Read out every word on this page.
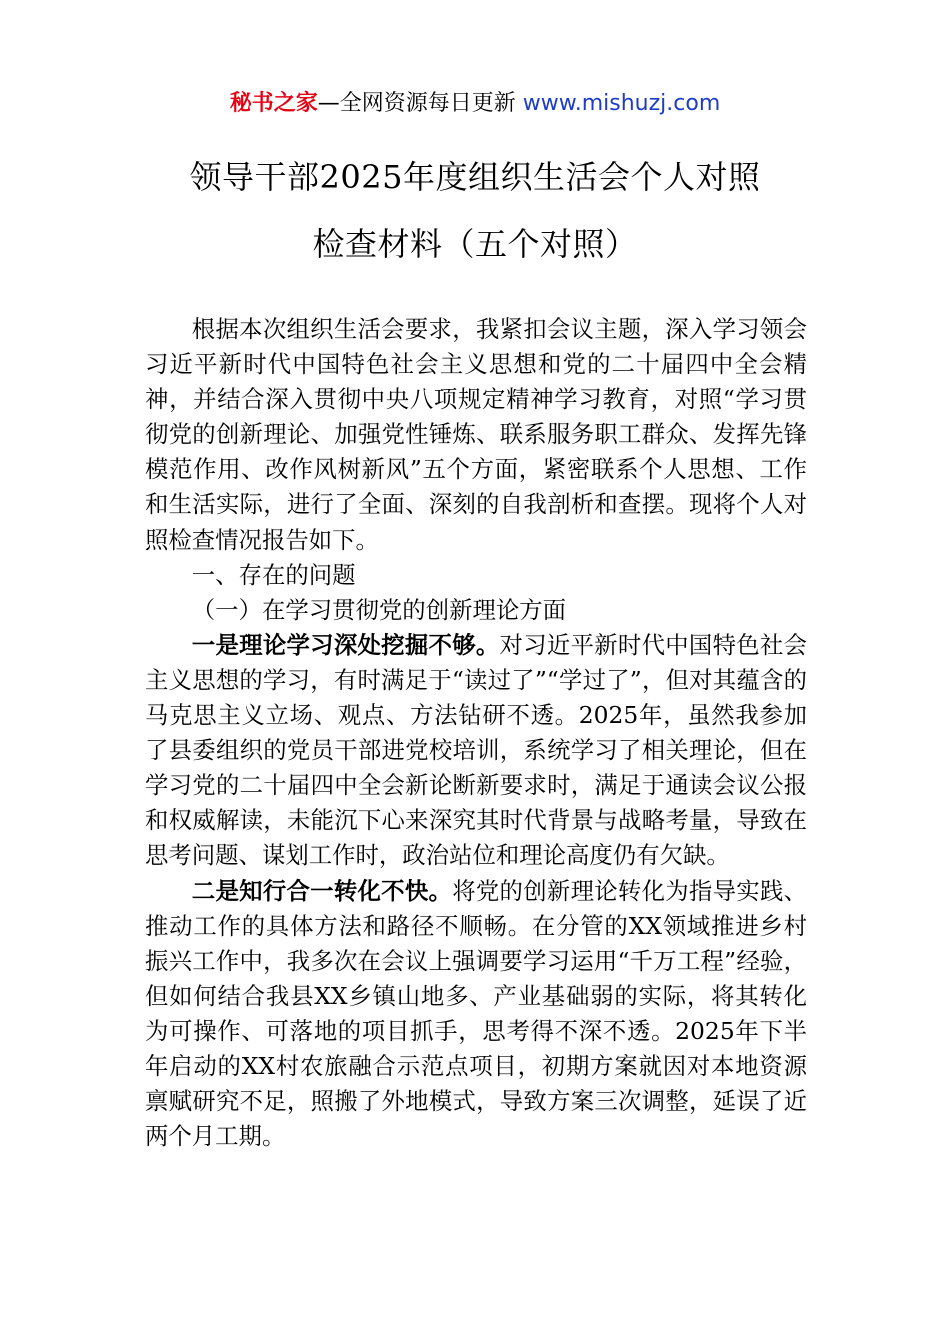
秘书之家—全网资源每日更新 www.mishuzj.com
领导干部2025年度组织生活会个人对照
检查材料（五个对照）

根据本次组织生活会要求，我紧扣会议主题，深入学习领会习近平新时代中国特色社会主义思想和党的二十届四中全会精神，并结合深入贯彻中央八项规定精神学习教育，对照“学习贯彻党的创新理论、加强党性锤炼、联系服务职工群众、发挥先锋模范作用、改作风树新风”五个方面，紧密联系个人思想、工作和生活实际，进行了全面、深刻的自我剖析和查摆。现将个人对照检查情况报告如下。

一、存在的问题

（一）在学习贯彻党的创新理论方面

一是理论学习深处挖掘不够。对习近平新时代中国特色社会主义思想的学习，有时满足于“读过了”“学过了”，但对其蕴含的马克思主义立场、观点、方法钻研不透。2025年，虽然我参加了县委组织的党员干部进党校培训，系统学习了相关理论，但在学习党的二十届四中全会新论断新要求时，满足于通读会议公报和权威解读，未能沉下心来深究其时代背景与战略考量，导致在思考问题、谋划工作时，政治站位和理论高度仍有欠缺。

二是知行合一转化不快。将党的创新理论转化为指导实践、推动工作的具体方法和路径不顺畅。在分管的XX领域推进乡村振兴工作中，我多次在会议上强调要学习运用“千万工程”经验，但如何结合我县XX乡镇山地多、产业基础弱的实际，将其转化为可操作、可落地的项目抓手，思考得不深不透。2025年下半年启动的XX村农旅融合示范点项目，初期方案就因对本地资源禀赋研究不足，照搬了外地模式，导致方案三次调整，延误了近两个月工期。
